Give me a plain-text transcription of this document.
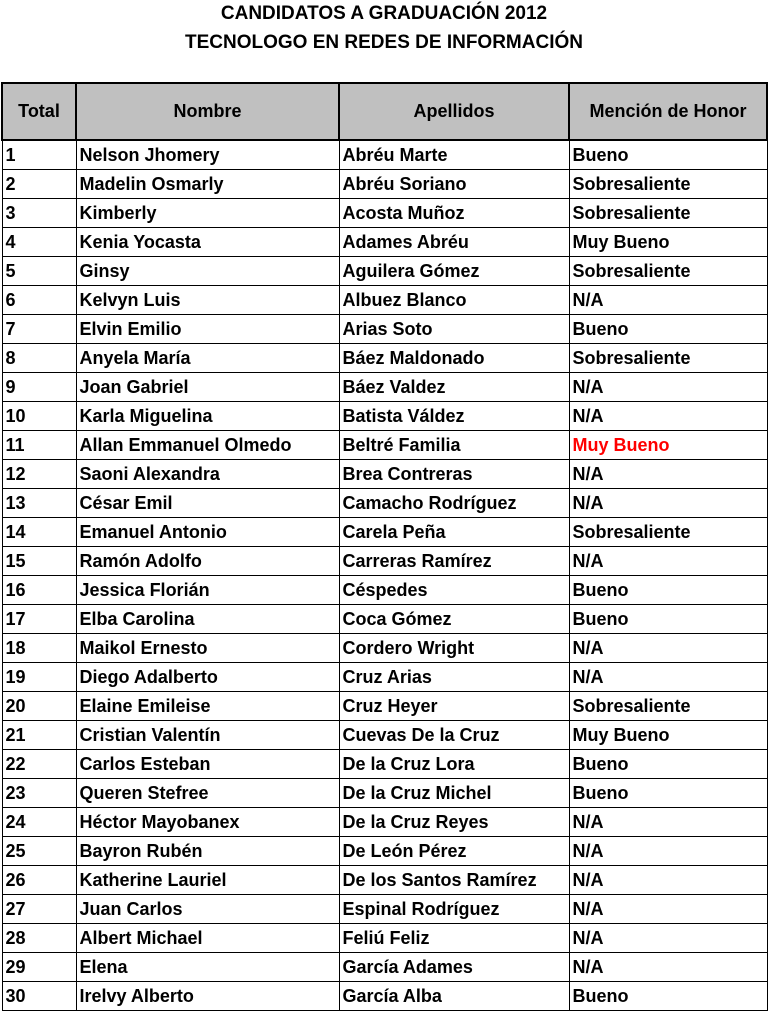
CANDIDATOS A GRADUACIÓN 2012
TECNOLOGO EN REDES DE INFORMACIÓN
Total	Nombre	Apellidos	Mención de Honor
1	Nelson Jhomery	Abréu Marte	Bueno
2	Madelin Osmarly	Abréu Soriano	Sobresaliente
3	Kimberly	Acosta Muñoz	Sobresaliente
4	Kenia Yocasta	Adames Abréu	Muy Bueno
5	Ginsy	Aguilera Gómez	Sobresaliente
6	Kelvyn Luis	Albuez Blanco	N/A
7	Elvin Emilio	Arias Soto	Bueno
8	Anyela María	Báez Maldonado	Sobresaliente
9	Joan Gabriel	Báez Valdez	N/A
10	Karla Miguelina	Batista Váldez	N/A
11	Allan Emmanuel Olmedo	Beltré Familia	Muy Bueno
12	Saoni Alexandra	Brea Contreras	N/A
13	César Emil	Camacho Rodríguez	N/A
14	Emanuel Antonio	Carela Peña	Sobresaliente
15	Ramón Adolfo	Carreras Ramírez	N/A
16	Jessica Florián	Céspedes	Bueno
17	Elba Carolina	Coca Gómez	Bueno
18	Maikol Ernesto	Cordero Wright	N/A
19	Diego Adalberto	Cruz Arias	N/A
20	Elaine Emileise	Cruz Heyer	Sobresaliente
21	Cristian Valentín	Cuevas De la Cruz	Muy Bueno
22	Carlos Esteban	De la Cruz Lora	Bueno
23	Queren Stefree	De la Cruz Michel	Bueno
24	Héctor Mayobanex	De la Cruz Reyes	N/A
25	Bayron Rubén	De León Pérez	N/A
26	Katherine Lauriel	De los Santos Ramírez	N/A
27	Juan Carlos	Espinal Rodríguez	N/A
28	Albert Michael	Feliú Feliz	N/A
29	Elena	García Adames	N/A
30	Irelvy Alberto	García Alba	Bueno
